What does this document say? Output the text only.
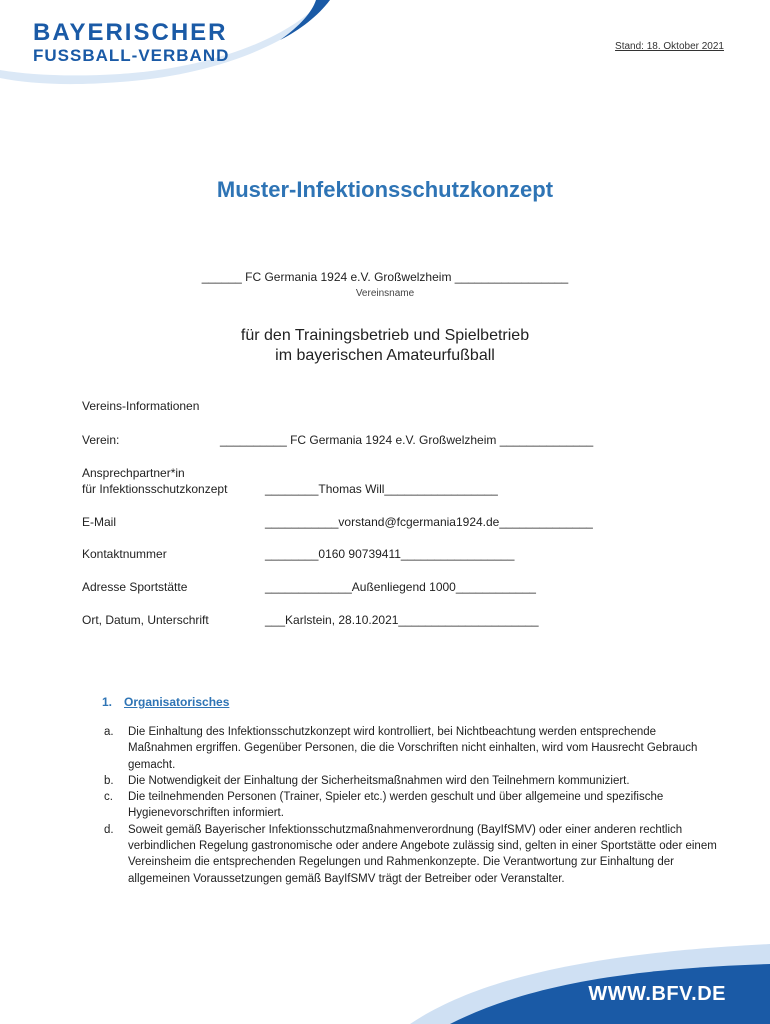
BAYERISCHER
FUSSBALL-VERBAND	Stand: 18. Oktober 2021
Muster-Infektionsschutzkonzept
______ FC Germania 1924 e.V. Großwelzheim _________________
Vereinsname
für den Trainingsbetrieb und Spielbetrieb
im bayerischen Amateurfußball
Vereins-Informationen
Verein:	__________ FC Germania 1924 e.V. Großwelzheim ______________
Ansprechpartner*in
für Infektionsschutzkonzept	________Thomas Will_________________
E-Mail	___________vorstand@fcgermania1924.de______________
Kontaktnummer	________0160 90739411_________________
Adresse Sportstätte	_____________Außenliegend 1000____________
Ort, Datum, Unterschrift	___Karlstein, 28.10.2021_____________________
1. Organisatorisches
a. Die Einhaltung des Infektionsschutzkonzept wird kontrolliert, bei Nichtbeachtung werden entsprechende Maßnahmen ergriffen. Gegenüber Personen, die die Vorschriften nicht einhalten, wird vom Hausrecht Gebrauch gemacht.
b. Die Notwendigkeit der Einhaltung der Sicherheitsmaßnahmen wird den Teilnehmern kommuniziert.
c. Die teilnehmenden Personen (Trainer, Spieler etc.) werden geschult und über allgemeine und spezifische Hygienevorschriften informiert.
d. Soweit gemäß Bayerischer Infektionsschutzmaßnahmenverordnung (BayIfSMV) oder einer anderen rechtlich verbindlichen Regelung gastronomische oder andere Angebote zulässig sind, gelten in einer Sportstätte oder einem Vereinsheim die entsprechenden Regelungen und Rahmenkonzepte. Die Verantwortung zur Einhaltung der allgemeinen Voraussetzungen gemäß BayIfSMV trägt der Betreiber oder Veranstalter.
WWW.BFV.DE
